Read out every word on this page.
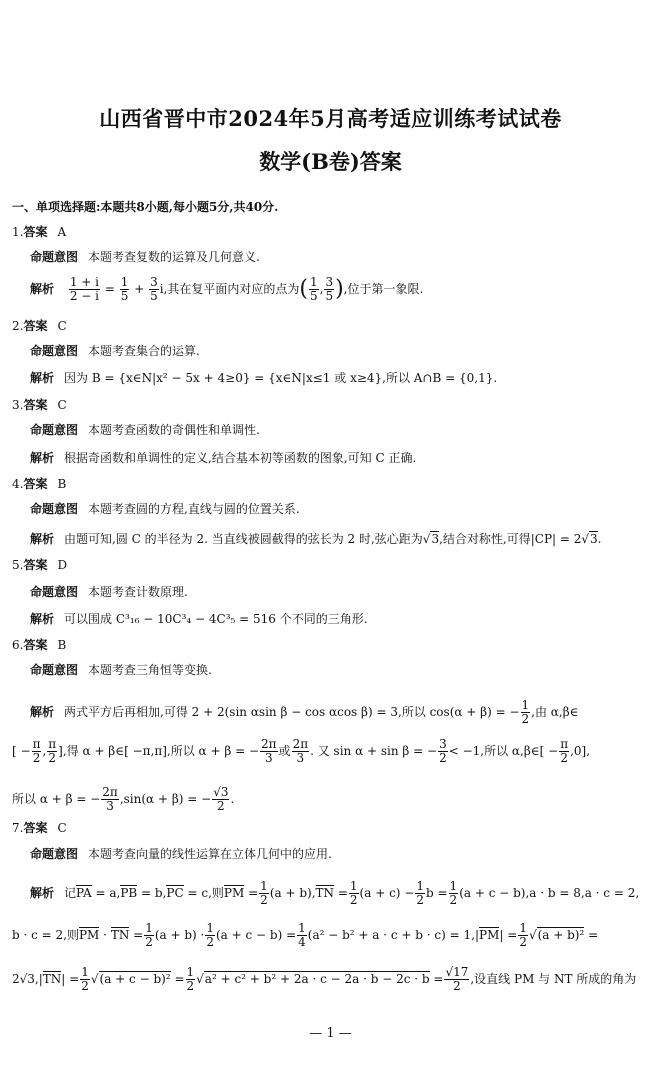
山西省晋中市2024年5月高考适应训练考试试卷
数学(B卷)答案
一、单项选择题:本题共8小题,每小题5分,共40分.
1.答案 A
命题意图 本题考查复数的运算及几何意义.
解析 $\frac{1 + i}{2 - i} = \frac{1}{5} + \frac{3}{5} i$,其在复平面内对应的点为( $\frac{1}{5}$ , $\frac{3}{5}$ ),位于第一象限.
2.答案 C
命题意图 本题考查集合的运算.
解析 因为 B = {x∈N|x² − 5x + 4≥0} = {x∈N|x≤1 或 x≥4},所以 A∩B = {0,1}.
3.答案 C
命题意图 本题考查函数的奇偶性和单调性.
解析 根据奇函数和单调性的定义,结合基本初等函数的图象,可知 C 正确.
4.答案 B
命题意图 本题考查圆的方程,直线与圆的位置关系.
解析 由题可知,圆 C 的半径为 2. 当直线被圆截得的弦长为 2 时,弦心距为√3,结合对称性,可得|CP| = 2√3.
5.答案 D
命题意图 本题考查计数原理.
解析 可以围成 C³₁₆ − 10C³₄ − 4C³₅ = 516 个不同的三角形.
6.答案 B
命题意图 本题考查三角恒等变换.
解析 两式平方后再相加,可得 2 + 2(sin αsin β − cos αcos β) = 3,所以 cos(α + β) = − $\frac{1}{2}$ ,由 α,β∈
[ − $\frac{\pi}{2}$ , $\frac{\pi}{2}$ ],得 α + β∈[ −π,π],所以 α + β = − $\frac{2\pi}{3}$ 或 $\frac{2\pi}{3}$ . 又 sin α + sin β = − $\frac{3}{2} < -1$,所以 α,β∈[ − $\frac{\pi}{2} ,0$],
所以 α + β = − $\frac{2\pi}{3} ,\sin(\alpha + \beta)$ = − $\frac{√3}{2}$ .
7.答案 C
命题意图 本题考查向量的线性运算在立体几何中的应用.
解析 记PA = a,PB = b,PC = c,则PM = $\frac{1}{2} (a + b),TN = \frac{1}{2} (a + c) - \frac{1}{2}$ $b = \frac{1}{2} (a + c - b),a \cdot b = 8,a \cdot c = 2$,
b · c = 2,则PM · TN = $\frac{1}{2} (a + b) \cdot \frac{1}{2} (a + c - b) = \frac{1}{4} (a^2 - b^2 + a \cdot c + b \cdot c) = 1,|PM| = \frac{1}{2} √(a + b)^2$ =
$2√3,|TN| = \frac{1}{2} √(a + c - b)^2 = \frac{1}{2} √a^2 + c^2 + b^2 + 2a \cdot c - 2a \cdot b - 2c \cdot b = \frac{√17}{2}$ ,设直线 PM 与 NT 所成的角为
— 1 —
